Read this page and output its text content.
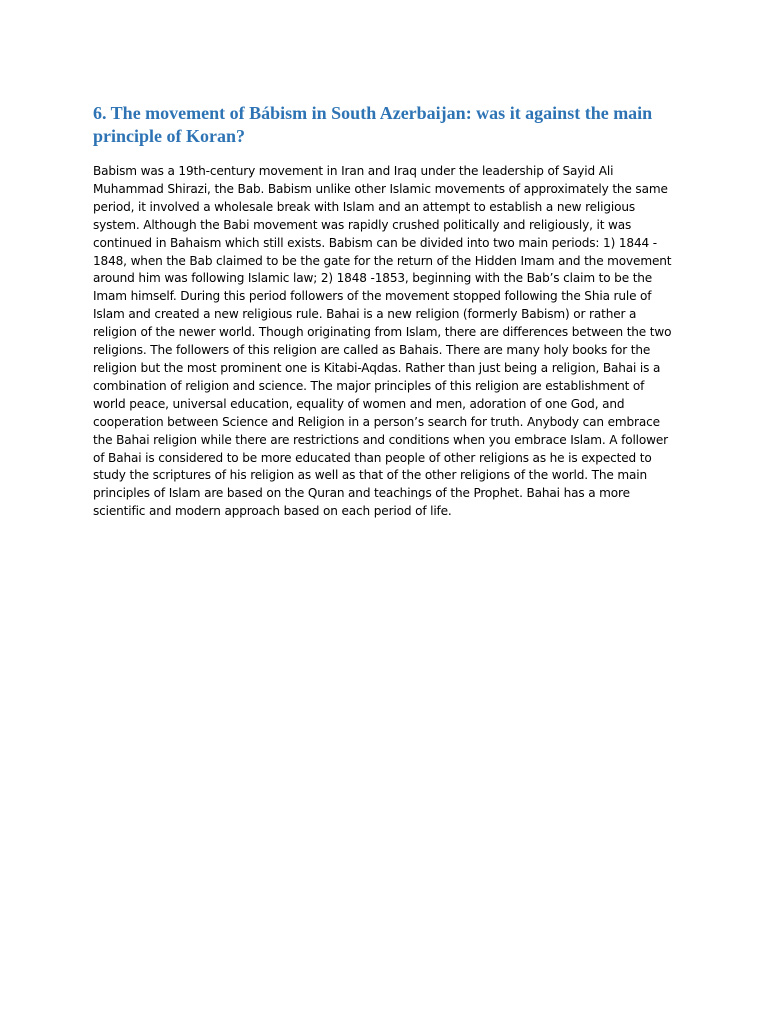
6. The movement of Bábism in South Azerbaijan: was it against the main principle of Koran?

Babism was a 19th-century movement in Iran and Iraq under the leadership of Sayid Ali Muhammad Shirazi, the Bab. Babism unlike other Islamic movements of approximately the same period, it involved a wholesale break with Islam and an attempt to establish a new religious system. Although the Babi movement was rapidly crushed politically and religiously, it was continued in Bahaism which still exists. Babism can be divided into two main periods: 1) 1844 - 1848, when the Bab claimed to be the gate for the return of the Hidden Imam and the movement around him was following Islamic law; 2) 1848 -1853, beginning with the Bab’s claim to be the Imam himself. During this period followers of the movement stopped following the Shia rule of Islam and created a new religious rule. Bahai is a new religion (formerly Babism) or rather a religion of the newer world. Though originating from Islam, there are differences between the two religions. The followers of this religion are called as Bahais. There are many holy books for the religion but the most prominent one is Kitabi-Aqdas. Rather than just being a religion, Bahai is a combination of religion and science. The major principles of this religion are establishment of world peace, universal education, equality of women and men, adoration of one God, and cooperation between Science and Religion in a person’s search for truth. Anybody can embrace the Bahai religion while there are restrictions and conditions when you embrace Islam. A follower of Bahai is considered to be more educated than people of other religions as he is expected to study the scriptures of his religion as well as that of the other religions of the world. The main principles of Islam are based on the Quran and teachings of the Prophet. Bahai has a more scientific and modern approach based on each period of life.
